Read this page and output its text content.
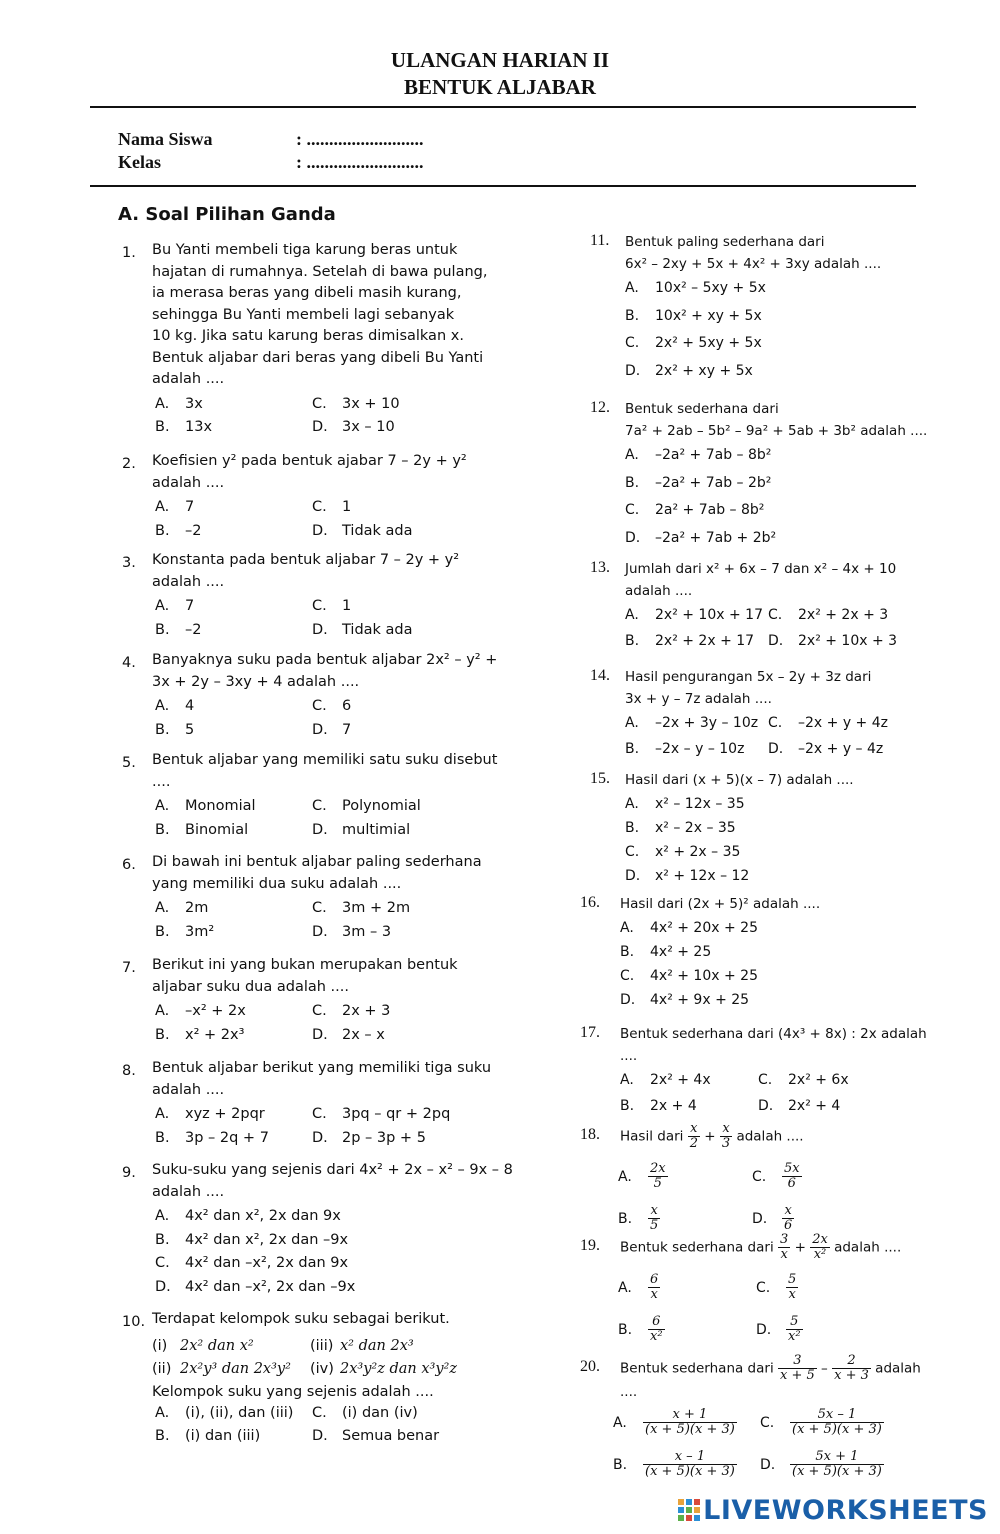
ULANGAN HARIAN II
BENTUK ALJABAR
Nama Siswa	: ..........................
Kelas	: ..........................
A. Soal Pilihan Ganda
1. Bu Yanti membeli tiga karung beras untuk
hajatan di rumahnya. Setelah di bawa pulang,
ia merasa beras yang dibeli masih kurang,
sehingga Bu Yanti membeli lagi sebanyak
10 kg. Jika satu karung beras dimisalkan x.
Bentuk aljabar dari beras yang dibeli Bu Yanti
adalah ....
A. 3x	C. 3x + 10
B. 13x	D. 3x – 10
2. Koefisien y² pada bentuk ajabar 7 – 2y + y²
adalah ....
A. 7	C. 1
B. –2	D. Tidak ada
3. Konstanta pada bentuk aljabar 7 – 2y + y²
adalah ....
A. 7	C. 1
B. –2	D. Tidak ada
4. Banyaknya suku pada bentuk aljabar 2x² – y² +
3x + 2y – 3xy + 4 adalah ....
A. 4	C. 6
B. 5	D. 7
5. Bentuk aljabar yang memiliki satu suku disebut
....
A. Monomial	C. Polynomial
B. Binomial	D. multimial
6. Di bawah ini bentuk aljabar paling sederhana
yang memiliki dua suku adalah ....
A. 2m	C. 3m + 2m
B. 3m²	D. 3m – 3
7. Berikut ini yang bukan merupakan bentuk
aljabar suku dua adalah ....
A. –x² + 2x	C. 2x + 3
B. x² + 2x³	D. 2x – x
8. Bentuk aljabar berikut yang memiliki tiga suku
adalah ....
A. xyz + 2pqr	C. 3pq – qr + 2pq
B. 3p – 2q + 7	D. 2p – 3p + 5
9. Suku-suku yang sejenis dari 4x² + 2x – x² – 9x – 8
adalah ....
A. 4x² dan x², 2x dan 9x
B. 4x² dan x², 2x dan –9x
C. 4x² dan –x², 2x dan 9x
D. 4x² dan –x², 2x dan –9x
10. Terdapat kelompok suku sebagai berikut.
(i) 2x² dan x²	(iii) x² dan 2x³
(ii) 2x²y³ dan 2x³y² (iv) 2x³y²z dan x³y²z
Kelompok suku yang sejenis adalah ....
A. (i), (ii), dan (iii) C. (i) dan (iv)
B. (i) dan (iii)	D. Semua benar
11. Bentuk paling sederhana dari
6x² – 2xy + 5x + 4x² + 3xy adalah ....
A. 10x² – 5xy + 5x
B. 10x² + xy + 5x
C. 2x² + 5xy + 5x
D. 2x² + xy + 5x
12. Bentuk sederhana dari
7a² + 2ab – 5b² – 9a² + 5ab + 3b² adalah ....
A. –2a² + 7ab – 8b²
B. –2a² + 7ab – 2b²
C. 2a² + 7ab – 8b²
D. –2a² + 7ab + 2b²
13. Jumlah dari x² + 6x – 7 dan x² – 4x + 10
adalah ....
A. 2x² + 10x + 17 C. 2x² + 2x + 3
B. 2x² + 2x + 17 D. 2x² + 10x + 3
14. Hasil pengurangan 5x – 2y + 3z dari
3x + y – 7z adalah ....
A. –2x + 3y – 10z C. –2x + y + 4z
B. –2x – y – 10z D. –2x + y – 4z
15. Hasil dari (x + 5)(x – 7) adalah ....
A. x² – 12x – 35
B. x² – 2x – 35
C. x² + 2x – 35
D. x² + 12x – 12
16. Hasil dari (2x + 5)² adalah ....
A. 4x² + 20x + 25
B. 4x² + 25
C. 4x² + 10x + 25
D. 4x² + 9x + 25
17. Bentuk sederhana dari (4x³ + 8x) : 2x adalah
....
A. 2x² + 4x	C. 2x² + 6x
B. 2x + 4	D. 2x² + 4
18. Hasil dari $\frac{x}{2} + \frac{x}{3}$ adalah ....
A. $\frac{2x}{5}$	C. $\frac{5x}{6}$
B. $\frac{x}{5}$	D. $\frac{x}{6}$
19. Bentuk sederhana dari $\frac{3}{x} + \frac{2x}{\text{x²}}$ adalah ....
A. $\frac{6}{x}$	C. $\frac{5}{x}$
B. $\frac{6}{\text{x²}}$	D. $\frac{5}{\text{x²}}$
20. Bentuk sederhana dari $\frac{3}{x + 5} - \frac{2}{x + 3}$ adalah
....
A. $\frac{x + 1}{(x + 5)(x + 3)} C$. $\frac{5x - 1}{(x + 5)(x + 3)}$
B. $\frac{x - 1}{(x + 5)(x + 3)} D$. $\frac{5x + 1}{(x + 5)(x + 3)}$
LIVEWORKSHEETS
